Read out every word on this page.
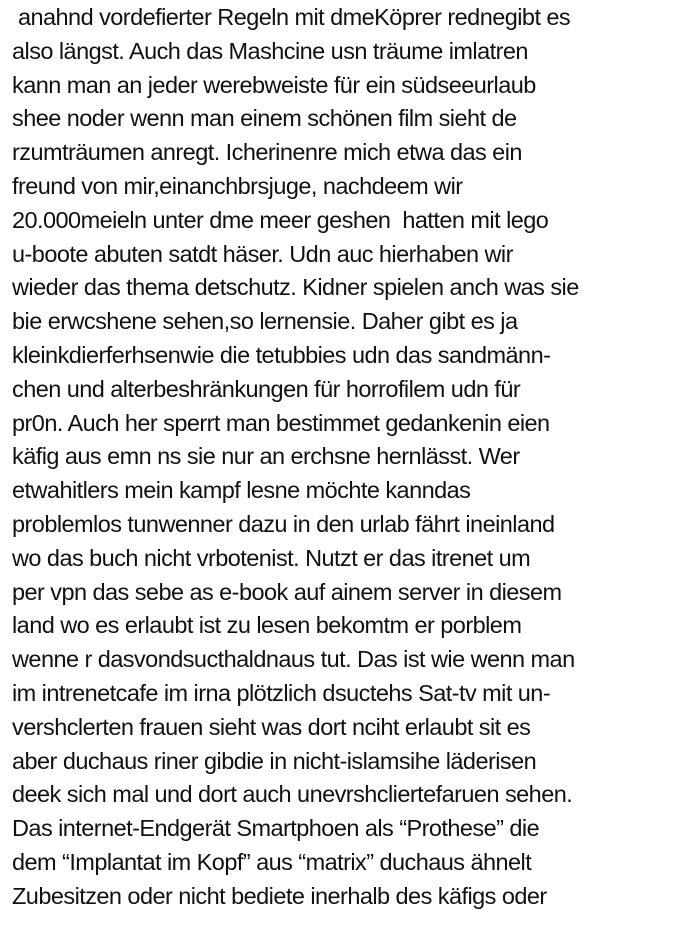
anahnd vordefierter Regeln mit dmeKöprer rednegibt es
also längst. Auch das Mashcine usn träume imlatren
kann man an jeder werebweiste für ein südseeurlaub
shee noder wenn man einem schönen film sieht de
rzumträumen anregt. Icherinenre mich etwa das ein
freund von mir,einanchbrsjuge, nachdeem wir
20.000meieln unter dme meer geshen  hatten mit lego
u-boote abuten satdt häser. Udn auc hierhaben wir
wieder das thema detschutz. Kidner spielen anch was sie
bie erwcshene sehen,so lernensie. Daher gibt es ja
kleinkdierferhsenwie die tetubbies udn das sandmänn-
chen und alterbeshränkungen für horrofilem udn für
pr0n. Auch her sperrt man bestimmet gedankenin eien
käfig aus emn ns sie nur an erchsne hernlässt. Wer
etwahitlers mein kampf lesne möchte kanndas
problemlos tunwenner dazu in den urlab fährt ineinland
wo das buch nicht vrbotenist. Nutzt er das itrenet um
per vpn das sebe as e-book auf ainem server in diesem
land wo es erlaubt ist zu lesen bekomtm er porblem
wenne r dasvondsucthaldnaus tut. Das ist wie wenn man
im intrenetcafe im irna plötzlich dsuctehs Sat-tv mit un-
vershclerten frauen sieht was dort nciht erlaubt sit es
aber duchaus riner gibdie in nicht-islamsihe läderisen
deek sich mal und dort auch unevrshcliertefaruen sehen.
Das internet-Endgerät Smartphoen als “Prothese” die
dem “Implantat im Kopf” aus “matrix” duchaus ähnelt
Zubesitzen oder nicht bediete inerhalb des käfigs oder
